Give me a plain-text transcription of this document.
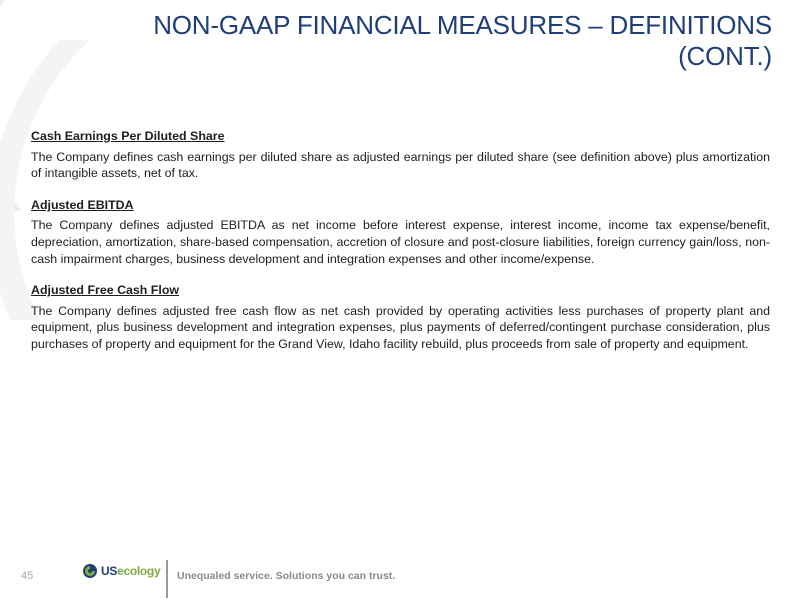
NON-GAAP FINANCIAL MEASURES – DEFINITIONS
(CONT.)
Cash Earnings Per Diluted Share
The Company defines cash earnings per diluted share as adjusted earnings per diluted share (see definition above) plus amortization of intangible assets, net of tax.
Adjusted EBITDA
The Company defines adjusted EBITDA as net income before interest expense, interest income, income tax expense/benefit, depreciation, amortization, share-based compensation, accretion of closure and post-closure liabilities, foreign currency gain/loss, non-cash impairment charges, business development and integration expenses and other income/expense.
Adjusted Free Cash Flow
The Company defines adjusted free cash flow as net cash provided by operating activities less purchases of property plant and equipment, plus business development and integration expenses, plus payments of deferred/contingent purchase consideration, plus purchases of property and equipment for the Grand View, Idaho facility rebuild, plus proceeds from sale of property and equipment.
45	USecology Unequaled service. Solutions you can trust.
